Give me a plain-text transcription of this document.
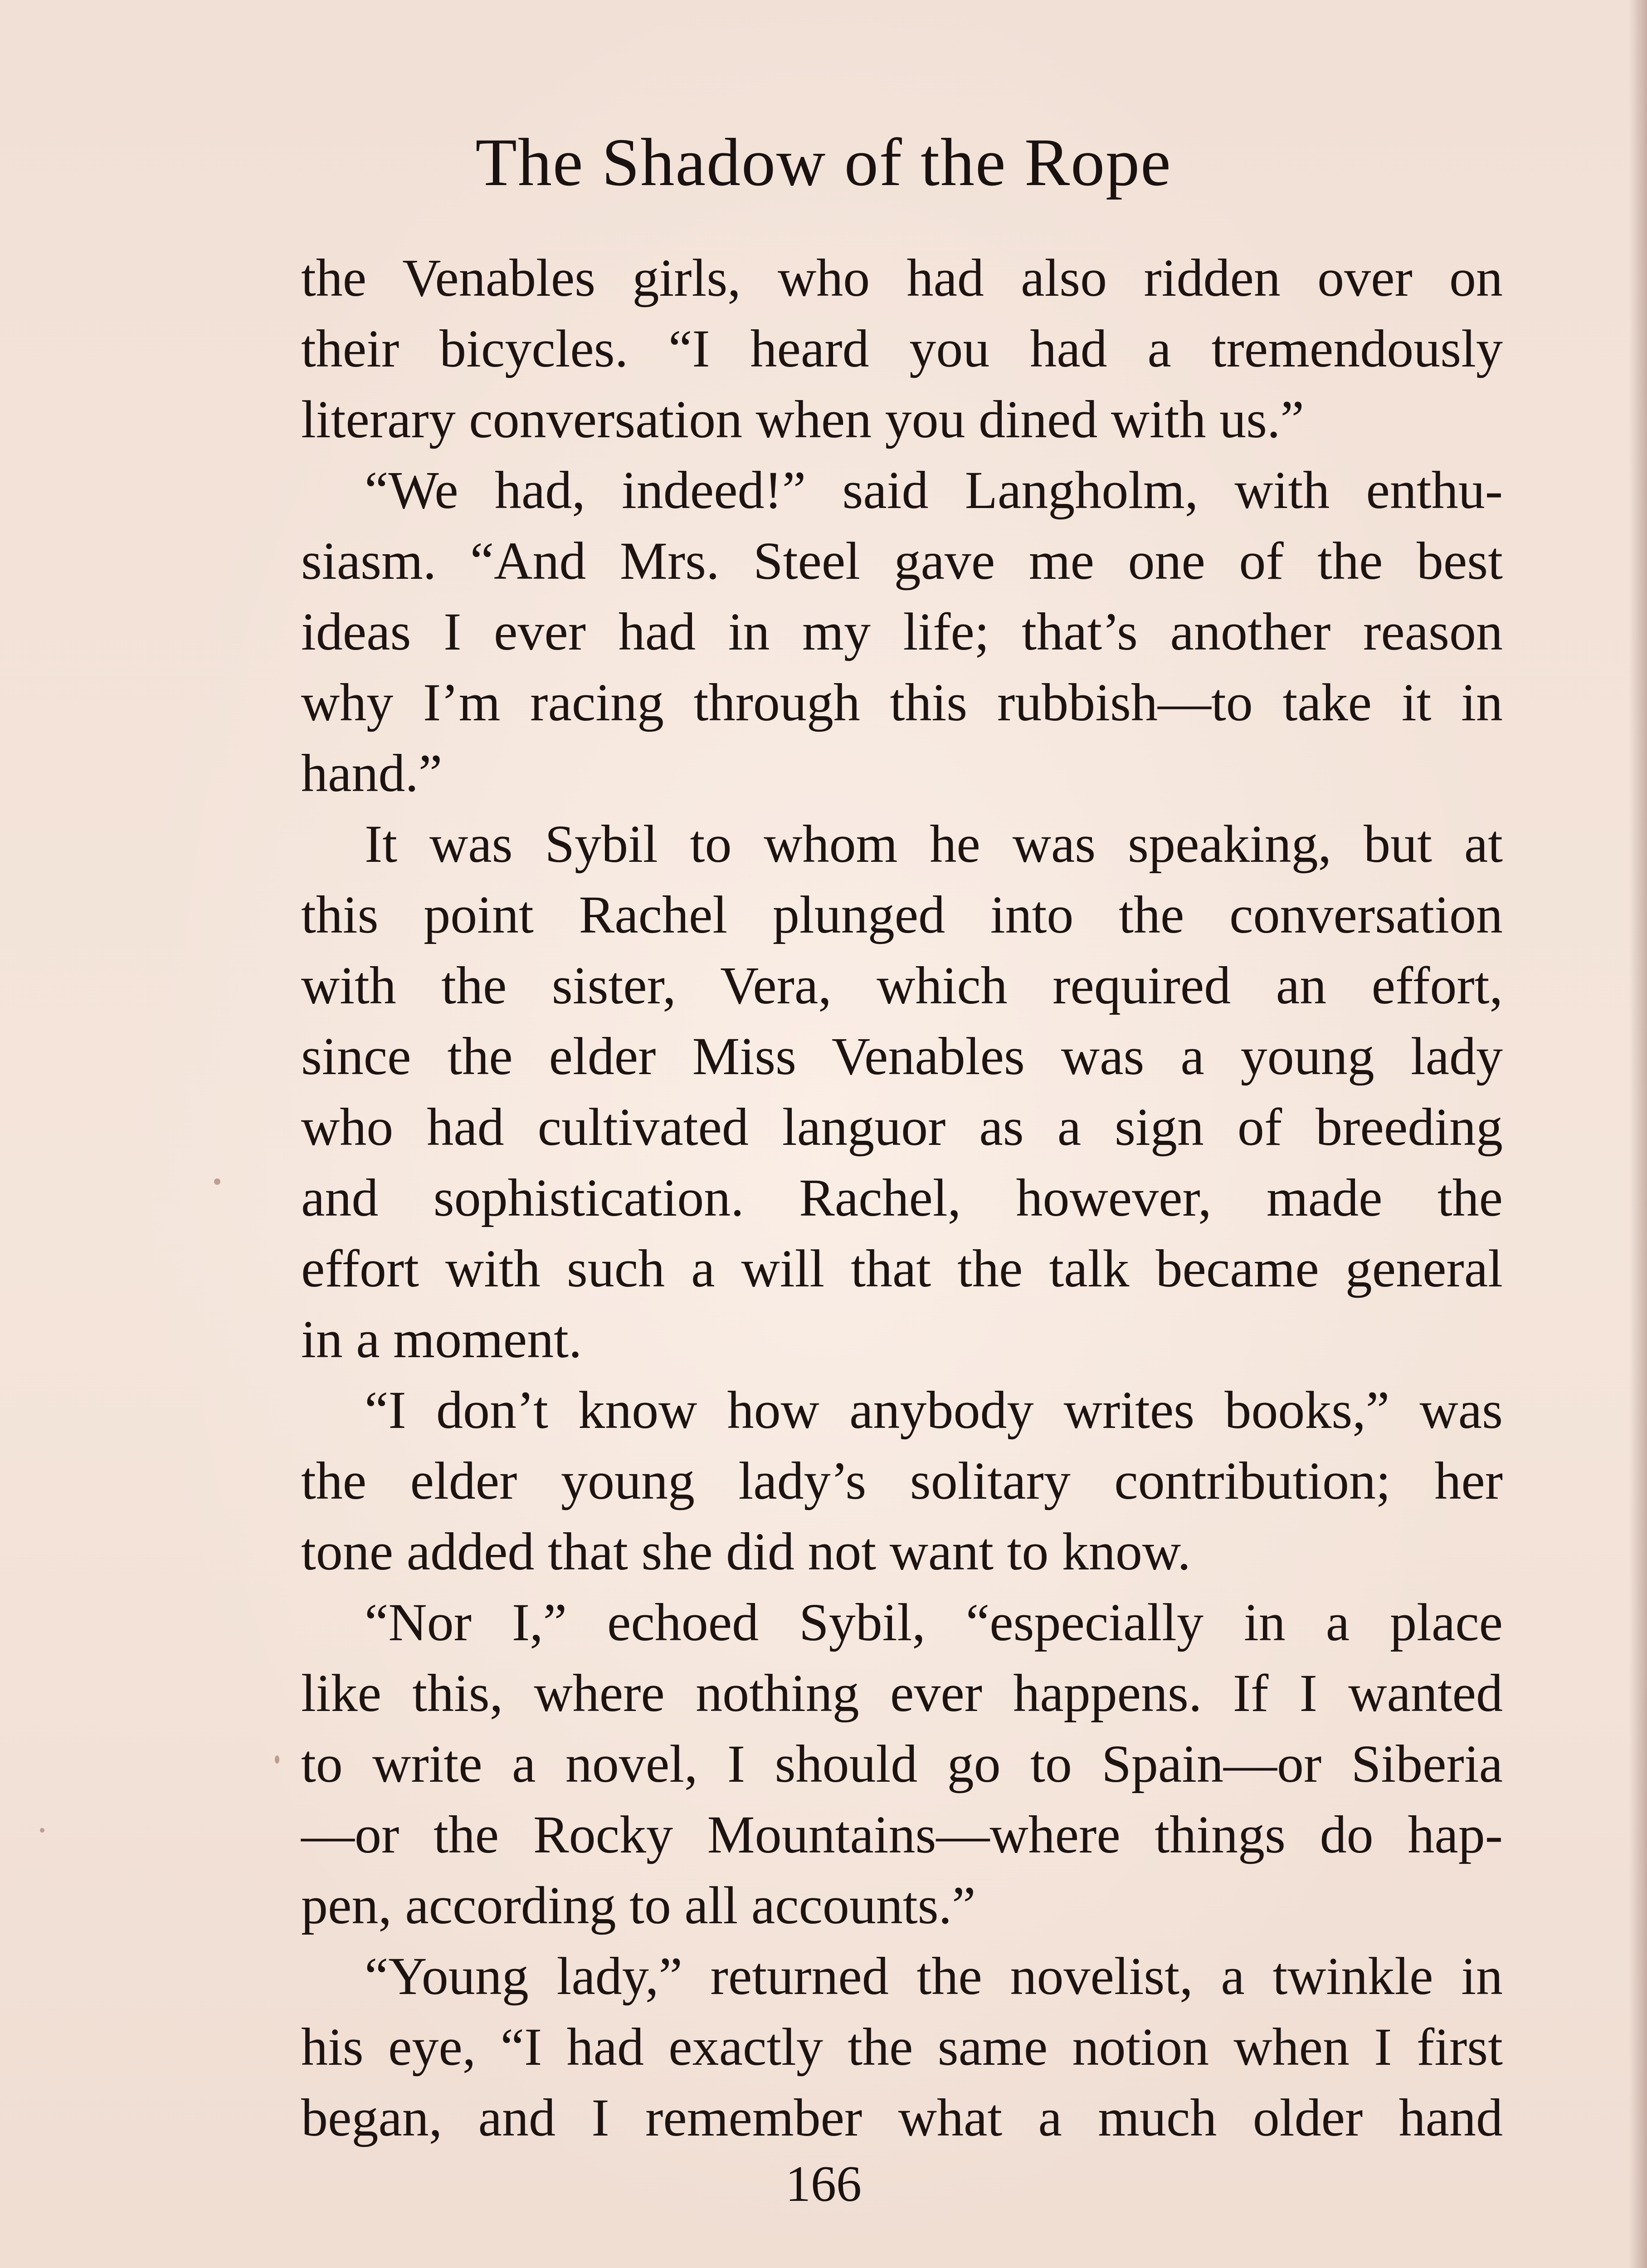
The Shadow of the Rope
the Venables girls, who had also ridden over on
their bicycles. “I heard you had a tremendously
literary conversation when you dined with us.”
“We had, indeed!” said Langholm, with enthu-
siasm. “And Mrs. Steel gave me one of the best
ideas I ever had in my life; that’s another reason
why I’m racing through this rubbish—to take it in
hand.”
It was Sybil to whom he was speaking, but at
this point Rachel plunged into the conversation
with the sister, Vera, which required an effort,
since the elder Miss Venables was a young lady
who had cultivated languor as a sign of breeding
and sophistication. Rachel, however, made the
effort with such a will that the talk became general
in a moment.
“I don’t know how anybody writes books,” was
the elder young lady’s solitary contribution; her
tone added that she did not want to know.
“Nor I,” echoed Sybil, “especially in a place
like this, where nothing ever happens. If I wanted
to write a novel, I should go to Spain—or Siberia
—or the Rocky Mountains—where things do hap-
pen, according to all accounts.”
“Young lady,” returned the novelist, a twinkle in
his eye, “I had exactly the same notion when I first
began, and I remember what a much older hand
166
